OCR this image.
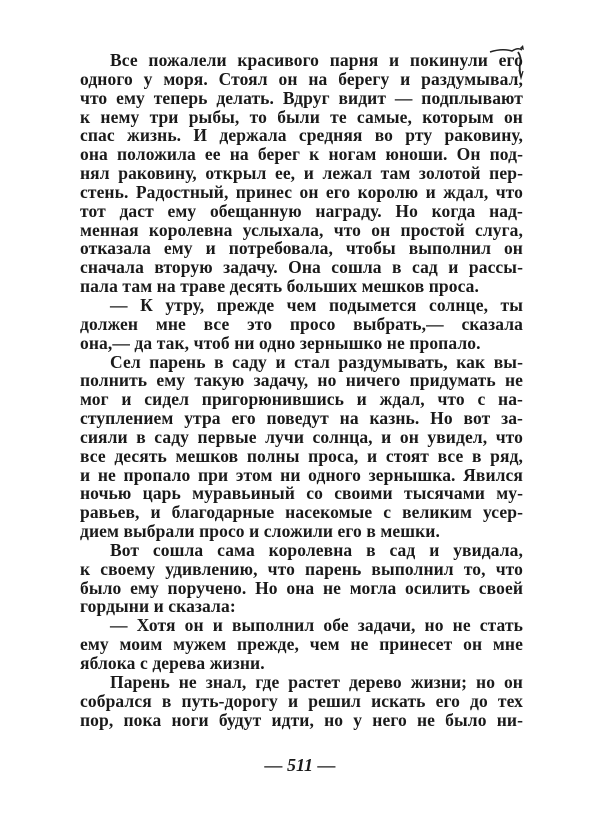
Все пожалели красивого парня и покинули его
одного у моря. Стоял он на берегу и раздумывал,
что ему теперь делать. Вдруг видит — подплывают
к нему три рыбы, то были те самые, которым он
спас жизнь. И держала средняя во рту раковину,
она положила ее на берег к ногам юноши. Он под-
нял раковину, открыл ее, и лежал там золотой пер-
стень. Радостный, принес он его королю и ждал, что
тот даст ему обещанную награду. Но когда над-
менная королевна услыхала, что он простой слуга,
отказала ему и потребовала, чтобы выполнил он
сначала вторую задачу. Она сошла в сад и рассы-
пала там на траве десять больших мешков проса.
— К утру, прежде чем подымется солнце, ты
должен мне все это просо выбрать,— сказала
она,— да так, чтоб ни одно зернышко не пропало.
Сел парень в саду и стал раздумывать, как вы-
полнить ему такую задачу, но ничего придумать не
мог и сидел пригорюнившись и ждал, что с на-
ступлением утра его поведут на казнь. Но вот за-
сияли в саду первые лучи солнца, и он увидел, что
все десять мешков полны проса, и стоят все в ряд,
и не пропало при этом ни одного зернышка. Явился
ночью царь муравьиный со своими тысячами му-
равьев, и благодарные насекомые с великим усер-
дием выбрали просо и сложили его в мешки.
Вот сошла сама королевна в сад и увидала,
к своему удивлению, что парень выполнил то, что
было ему поручено. Но она не могла осилить своей
гордыни и сказала:
— Хотя он и выполнил обе задачи, но не стать
ему моим мужем прежде, чем не принесет он мне
яблока с дерева жизни.
Парень не знал, где растет дерево жизни; но он
собрался в путь-дорогу и решил искать его до тех
пор, пока ноги будут идти, но у него не было ни-
— 511 —
